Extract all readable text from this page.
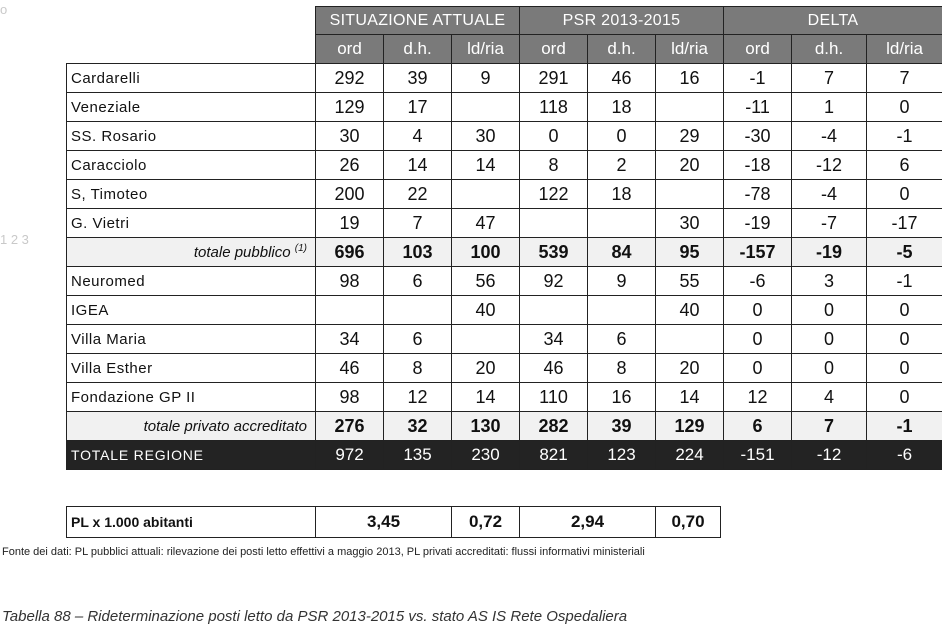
o
1 2 3
	SITUAZIONE ATTUALE			PSR 2013-2015			DELTA		
	ord	d.h.	ld/ria	ord	d.h.	ld/ria	ord	d.h.	ld/ria
Cardarelli	292	39	9	291	46	16	-1	7	7
Veneziale	129	17		118	18		-11	1	0
SS. Rosario	30	4	30	0	0	29	-30	-4	-1
Caracciolo	26	14	14	8	2	20	-18	-12	6
S, Timoteo	200	22		122	18		-78	-4	0
G. Vietri	19	7	47			30	-19	-7	-17
totale pubblico $^{(1)}$	696	103	100	539	84	95	-157	-19	-5
Neuromed	98	6	56	92	9	55	-6	3	-1
IGEA			40			40	0	0	0
Villa Maria	34	6		34	6		0	0	0
Villa Esther	46	8	20	46	8	20	0	0	0
Fondazione GP II	98	12	14	110	16	14	12	4	0
totale privato accreditato	276	32	130	282	39	129	6	7	-1
TOTALE REGIONE	972	135	230	821	123	224	-151	-12	-6
PL x 1.000 abitanti	3,45	0,72	2,94	0,70
Fonte dei dati: PL pubblici attuali: rilevazione dei posti letto effettivi a maggio 2013, PL privati accreditati: flussi informativi ministeriali
Tabella 88 – Rideterminazione posti letto da PSR 2013-2015 vs. stato AS IS Rete Ospedaliera
